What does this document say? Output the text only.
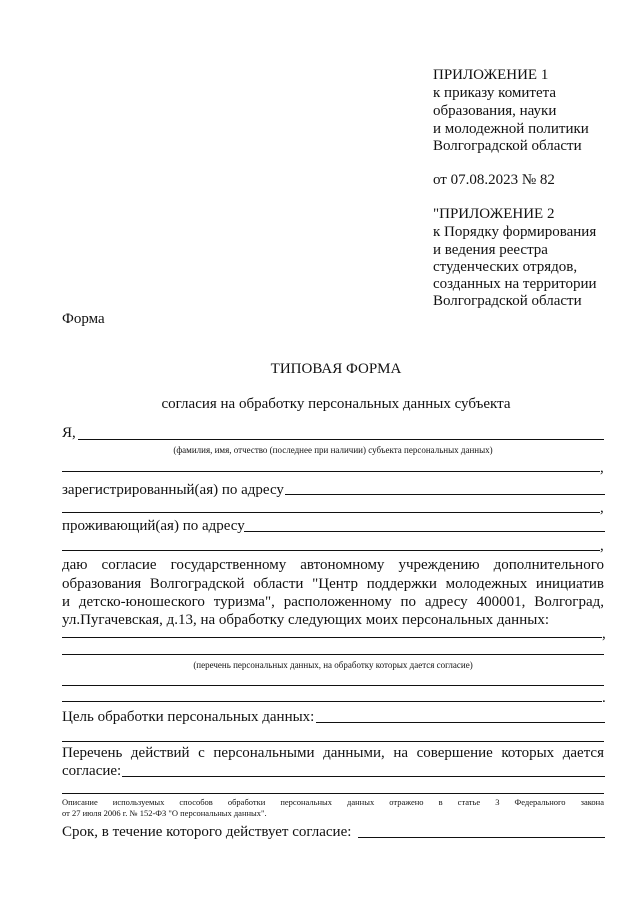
ПРИЛОЖЕНИЕ 1
к приказу комитета
образования, науки
и молодежной политики
Волгоградской области
от 07.08.2023 № 82
"ПРИЛОЖЕНИЕ 2
к Порядку формирования
и ведения реестра
студенческих отрядов,
созданных на территории
Волгоградской области
Форма
ТИПОВАЯ ФОРМА
согласия на обработку персональных данных субъекта
Я,
(фамилия, имя, отчество (последнее при наличии) субъекта персональных данных)
,
зарегистрированный(ая) по адресу
,
проживающий(ая) по адресу
,
даю согласие государственному автономному учреждению дополнительного
образования Волгоградской области "Центр поддержки молодежных инициатив
и детско-юношеского туризма", расположенному по адресу 400001, Волгоград,
ул.Пугачевская, д.13, на обработку следующих моих персональных данных:
,
(перечень персональных данных, на обработку которых дается согласие)
.
Цель обработки персональных данных:
Перечень действий с персональными данными, на совершение которых дается
согласие:
Описание используемых способов обработки персональных данных отражено в статье 3 Федерального закона
от 27 июля 2006 г. № 152-ФЗ "О персональных данных".
Срок, в течение которого действует согласие:
